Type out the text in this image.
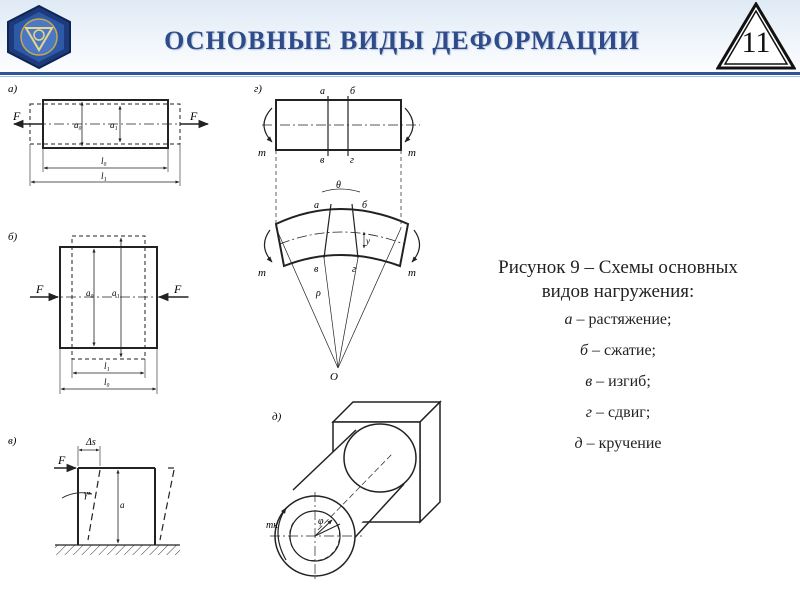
ОСНОВНЫЕ ВИДЫ ДЕФОРМАЦИИ	11
а)
F	F
a₀	a₁
l₀
l₁
б)
F	F
a₀ a₁
l₁
l₀
в)
F
Δs
γ
a
г)	а	б
в	г
m	m
а	б
в	г
θ
ρ
y
m	m
O
д)
φ
mк
Рисунок 9 – Схемы основных
видов нагружения:
а – растяжение;
б – сжатие;
в – изгиб;
г – сдвиг;
д – кручение
